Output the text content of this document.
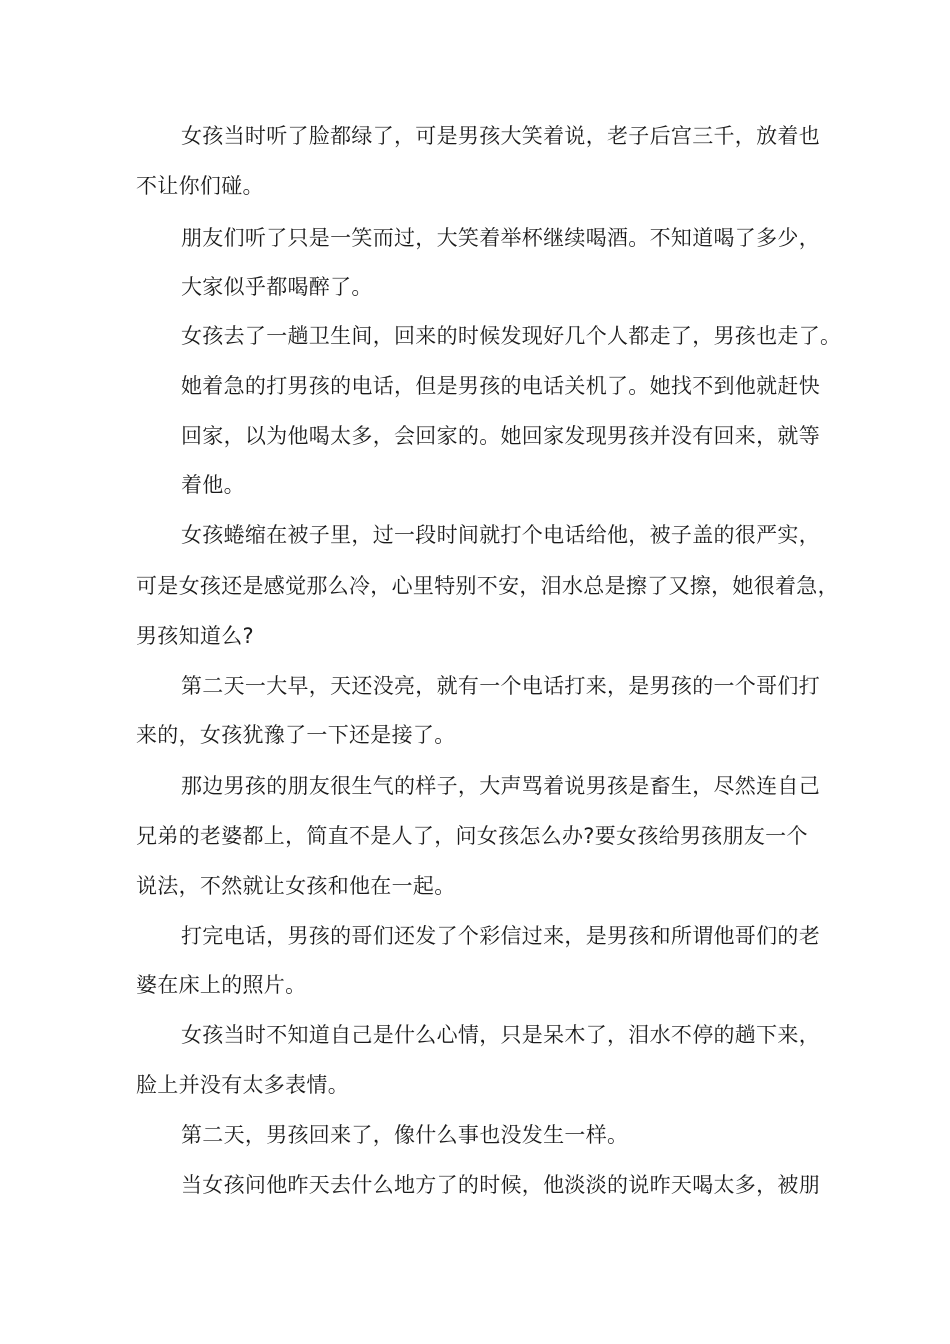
女孩当时听了脸都绿了，可是男孩大笑着说，老子后宫三千，放着也
不让你们碰。
朋友们听了只是一笑而过，大笑着举杯继续喝酒。不知道喝了多少，
大家似乎都喝醉了。
女孩去了一趟卫生间，回来的时候发现好几个人都走了，男孩也走了。
她着急的打男孩的电话，但是男孩的电话关机了。她找不到他就赶快
回家，以为他喝太多，会回家的。她回家发现男孩并没有回来，就等
着他。
女孩蜷缩在被子里，过一段时间就打个电话给他，被子盖的很严实，
可是女孩还是感觉那么冷，心里特别不安，泪水总是擦了又擦，她很着急，
男孩知道么?
第二天一大早，天还没亮，就有一个电话打来，是男孩的一个哥们打
来的，女孩犹豫了一下还是接了。
那边男孩的朋友很生气的样子，大声骂着说男孩是畜生，尽然连自己
兄弟的老婆都上，简直不是人了，问女孩怎么办?要女孩给男孩朋友一个
说法，不然就让女孩和他在一起。
打完电话，男孩的哥们还发了个彩信过来，是男孩和所谓他哥们的老
婆在床上的照片。
女孩当时不知道自己是什么心情，只是呆木了，泪水不停的趟下来，
脸上并没有太多表情。
第二天，男孩回来了，像什么事也没发生一样。
当女孩问他昨天去什么地方了的时候，他淡淡的说昨天喝太多，被朋
